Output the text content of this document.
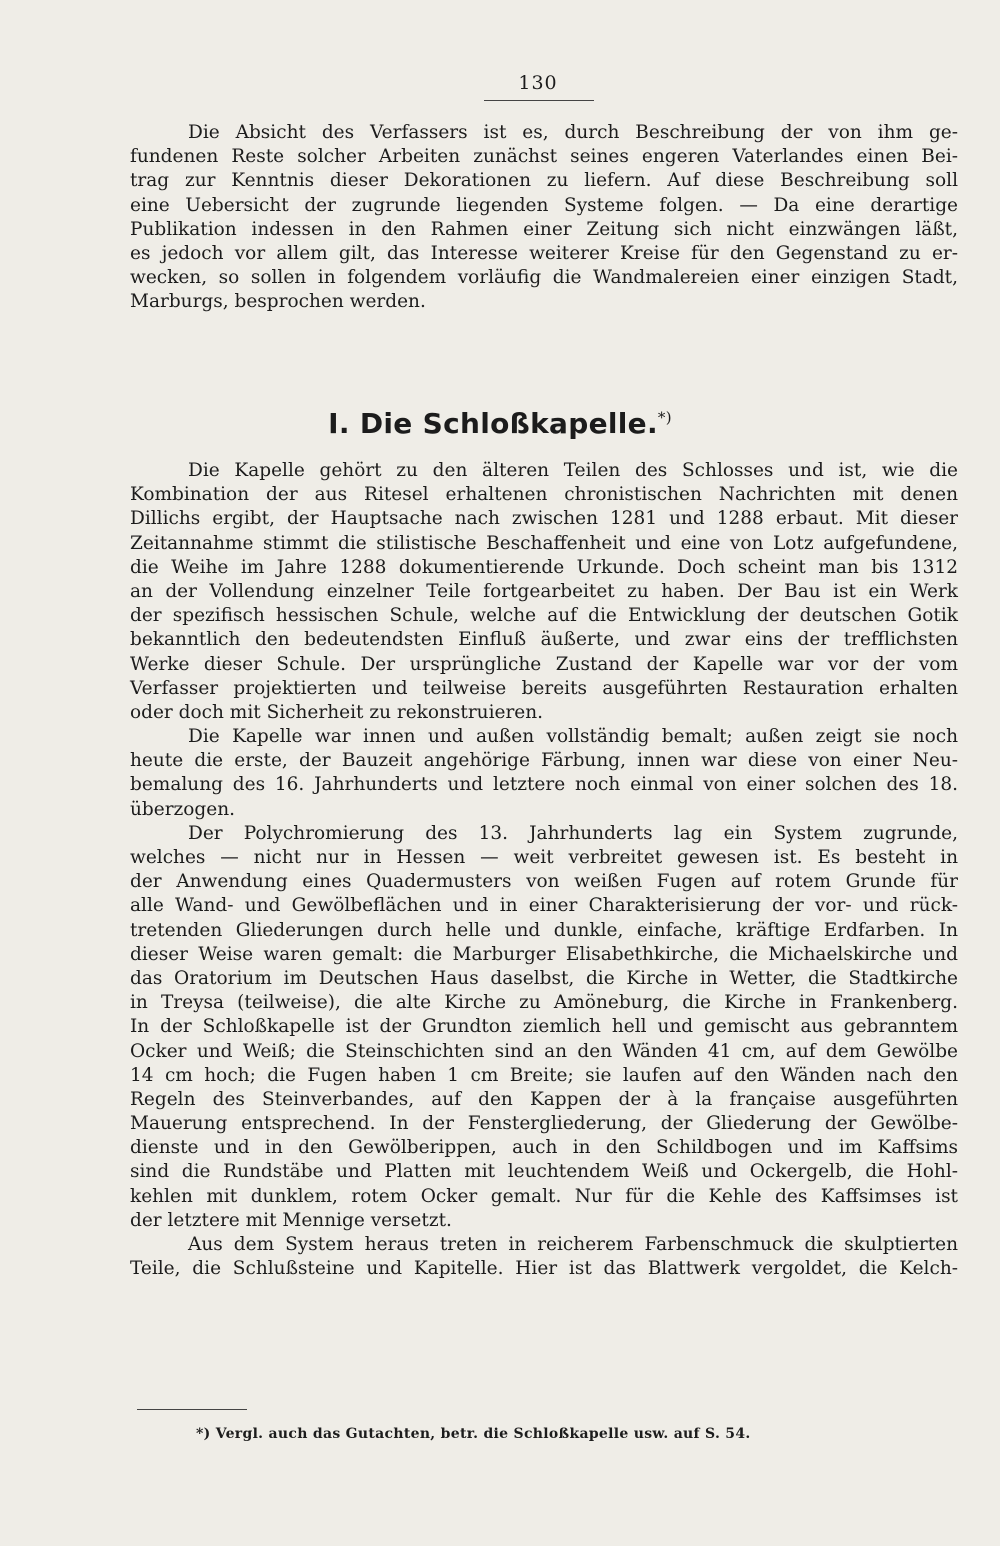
130
Die Absicht des Verfassers ist es, durch Beschreibung der von ihm ge-
fundenen Reste solcher Arbeiten zunächst seines engeren Vaterlandes einen Bei-
trag zur Kenntnis dieser Dekorationen zu liefern. Auf diese Beschreibung soll
eine Uebersicht der zugrunde liegenden Systeme folgen. — Da eine derartige
Publikation indessen in den Rahmen einer Zeitung sich nicht einzwängen läßt,
es jedoch vor allem gilt, das Interesse weiterer Kreise für den Gegenstand zu er-
wecken, so sollen in folgendem vorläufig die Wandmalereien einer einzigen Stadt,
Marburgs, besprochen werden.
I. Die Schloßkapelle.*)
Die Kapelle gehört zu den älteren Teilen des Schlosses und ist, wie die
Kombination der aus Ritesel erhaltenen chronistischen Nachrichten mit denen
Dillichs ergibt, der Hauptsache nach zwischen 1281 und 1288 erbaut. Mit dieser
Zeitannahme stimmt die stilistische Beschaffenheit und eine von Lotz aufgefundene,
die Weihe im Jahre 1288 dokumentierende Urkunde. Doch scheint man bis 1312
an der Vollendung einzelner Teile fortgearbeitet zu haben. Der Bau ist ein Werk
der spezifisch hessischen Schule, welche auf die Entwicklung der deutschen Gotik
bekanntlich den bedeutendsten Einfluß äußerte, und zwar eins der trefflichsten
Werke dieser Schule. Der ursprüngliche Zustand der Kapelle war vor der vom
Verfasser projektierten und teilweise bereits ausgeführten Restauration erhalten
oder doch mit Sicherheit zu rekonstruieren.
Die Kapelle war innen und außen vollständig bemalt; außen zeigt sie noch
heute die erste, der Bauzeit angehörige Färbung, innen war diese von einer Neu-
bemalung des 16. Jahrhunderts und letztere noch einmal von einer solchen des 18.
überzogen.
Der Polychromierung des 13. Jahrhunderts lag ein System zugrunde,
welches — nicht nur in Hessen — weit verbreitet gewesen ist. Es besteht in
der Anwendung eines Quadermusters von weißen Fugen auf rotem Grunde für
alle Wand- und Gewölbeflächen und in einer Charakterisierung der vor- und rück-
tretenden Gliederungen durch helle und dunkle, einfache, kräftige Erdfarben. In
dieser Weise waren gemalt: die Marburger Elisabethkirche, die Michaelskirche und
das Oratorium im Deutschen Haus daselbst, die Kirche in Wetter, die Stadtkirche
in Treysa (teilweise), die alte Kirche zu Amöneburg, die Kirche in Frankenberg.
In der Schloßkapelle ist der Grundton ziemlich hell und gemischt aus gebranntem
Ocker und Weiß; die Steinschichten sind an den Wänden 41 cm, auf dem Gewölbe
14 cm hoch; die Fugen haben 1 cm Breite; sie laufen auf den Wänden nach den
Regeln des Steinverbandes, auf den Kappen der à la française ausgeführten
Mauerung entsprechend. In der Fenstergliederung, der Gliederung der Gewölbe-
dienste und in den Gewölberippen, auch in den Schildbogen und im Kaffsims
sind die Rundstäbe und Platten mit leuchtendem Weiß und Ockergelb, die Hohl-
kehlen mit dunklem, rotem Ocker gemalt. Nur für die Kehle des Kaffsimses ist
der letztere mit Mennige versetzt.
Aus dem System heraus treten in reicherem Farbenschmuck die skulptierten
Teile, die Schlußsteine und Kapitelle. Hier ist das Blattwerk vergoldet, die Kelch-
*) Vergl. auch das Gutachten, betr. die Schloßkapelle usw. auf S. 54.
